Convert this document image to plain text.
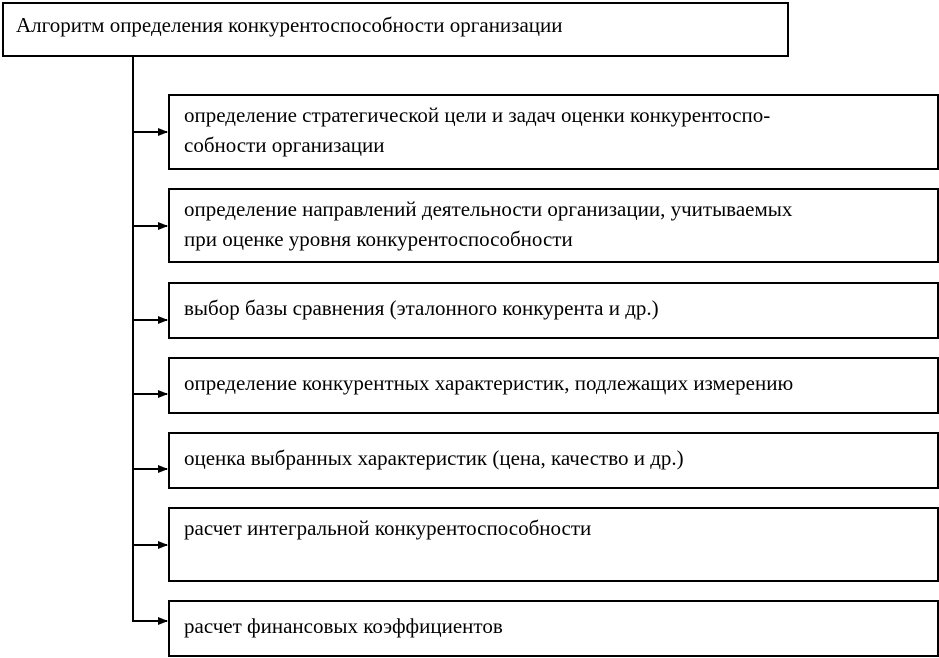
Алгоритм определения конкурентоспособности организации
определение стратегической цели и задач оценки конкурентоспо-
собности организации
определение направлений деятельности организации, учитываемых
при оценке уровня конкурентоспособности
выбор базы сравнения (эталонного конкурента и др.)
определение конкурентных характеристик, подлежащих измерению
оценка выбранных характеристик (цена, качество и др.)
расчет интегральной конкурентоспособности
расчет финансовых коэффициентов
